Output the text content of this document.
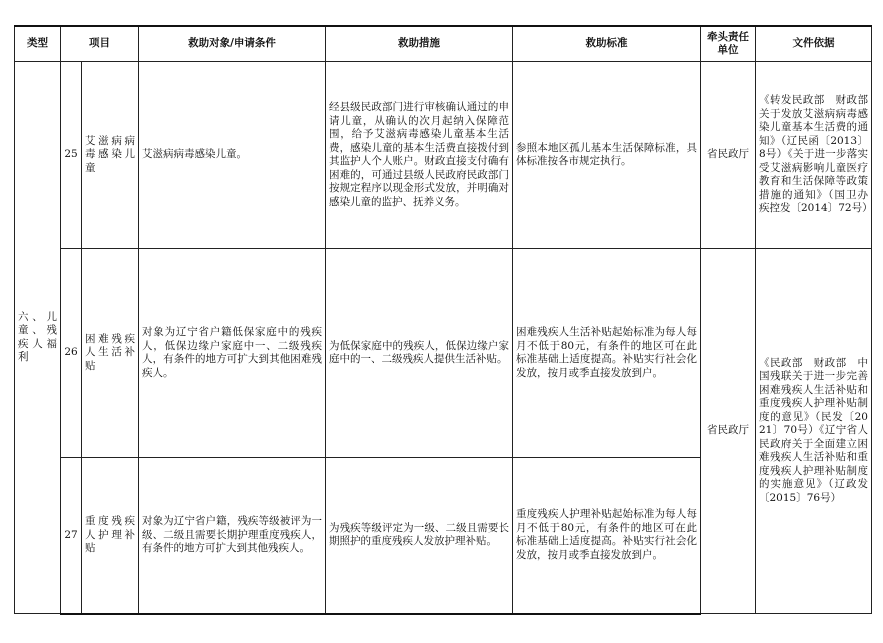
类型	项目		救助对象/申请条件	救助措施	救助标准	牵头责任
单位	文件依据
六、儿童、残疾人福利	25	艾滋病病毒感染儿童	艾滋病病毒感染儿童。	经县级民政部门进行审核确认通过的申请儿童，从确认的次月起纳入保障范围，给予艾滋病毒感染儿童基本生活费，感染儿童的基本生活费直接拨付到其监护人个人账户。财政直接支付确有困难的，可通过县级人民政府民政部门按规定程序以现金形式发放，并明确对感染儿童的监护、抚养义务。	参照本地区孤儿基本生活保障标准，具体标准按各市规定执行。	省民政厅	《转发民政部　财政部关于发放艾滋病病毒感染儿童基本生活费的通知》（辽民函〔2013〕8号）《关于进一步落实受艾滋病影响儿童医疗教育和生活保障等政策措施的通知》（国卫办疾控发〔2014〕72号）
	26	困难残疾人生活补贴	对象为辽宁省户籍低保家庭中的残疾人，低保边缘户家庭中一、二级残疾人，有条件的地方可扩大到其他困难残疾人。	为低保家庭中的残疾人，低保边缘户家庭中的一、二级残疾人提供生活补贴。	困难残疾人生活补贴起始标准为每人每月不低于80元，有条件的地区可在此标准基础上适度提高。补贴实行社会化发放，按月或季直接发放到户。	省民政厅	《民政部　财政部　中国残联关于进一步完善困难残疾人生活补贴和重度残疾人护理补贴制度的意见》（民发〔2021〕70号）《辽宁省人民政府关于全面建立困难残疾人生活补贴和重度残疾人护理补贴制度的实施意见》（辽政发〔2015〕76号）
	27	重度残疾人护理补贴	对象为辽宁省户籍，残疾等级被评为一级、二级且需要长期护理重度残疾人，有条件的地方可扩大到其他残疾人。	为残疾等级评定为一级、二级且需要长期照护的重度残疾人发放护理补贴。	重度残疾人护理补贴起始标准为每人每月不低于80元，有条件的地区可在此标准基础上适度提高。补贴实行社会化发放，按月或季直接发放到户。		
